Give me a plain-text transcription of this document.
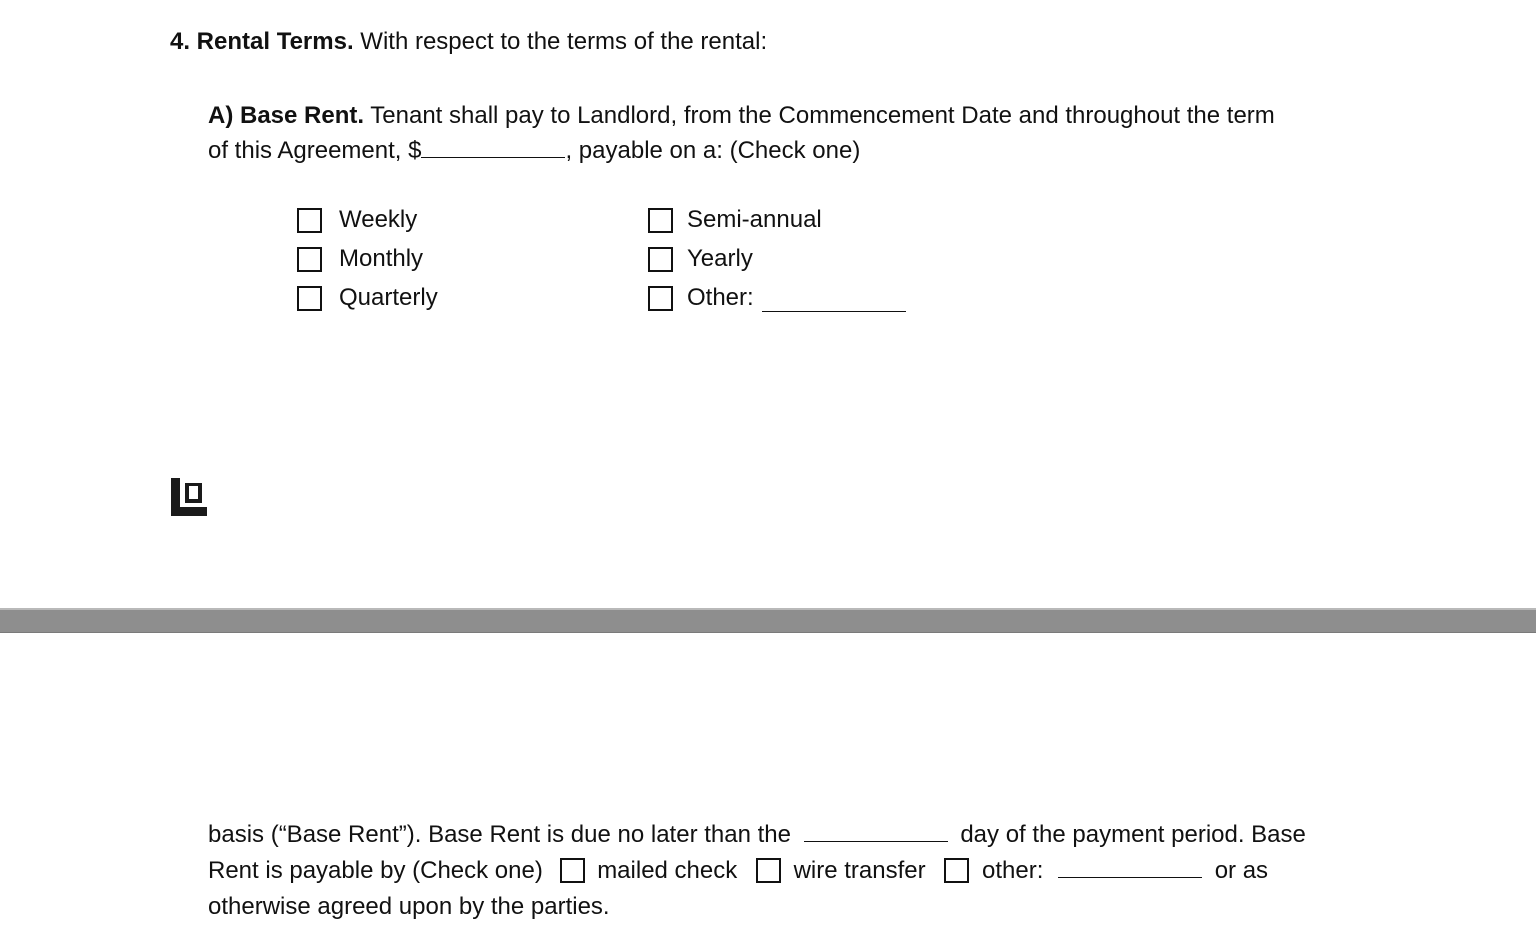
4. Rental Terms. With respect to the terms of the rental:
A) Base Rent. Tenant shall pay to Landlord, from the Commencement Date and throughout the term
of this Agreement, $	, payable on a: (Check one)
Weekly
Monthly
Quarterly
Semi-annual
Yearly
Other:
basis (“Base Rent”). Base Rent is due no later than the	day of the payment period. Base
Rent is payable by (Check one) mailed check wire transfer other:	or as
otherwise agreed upon by the parties.
